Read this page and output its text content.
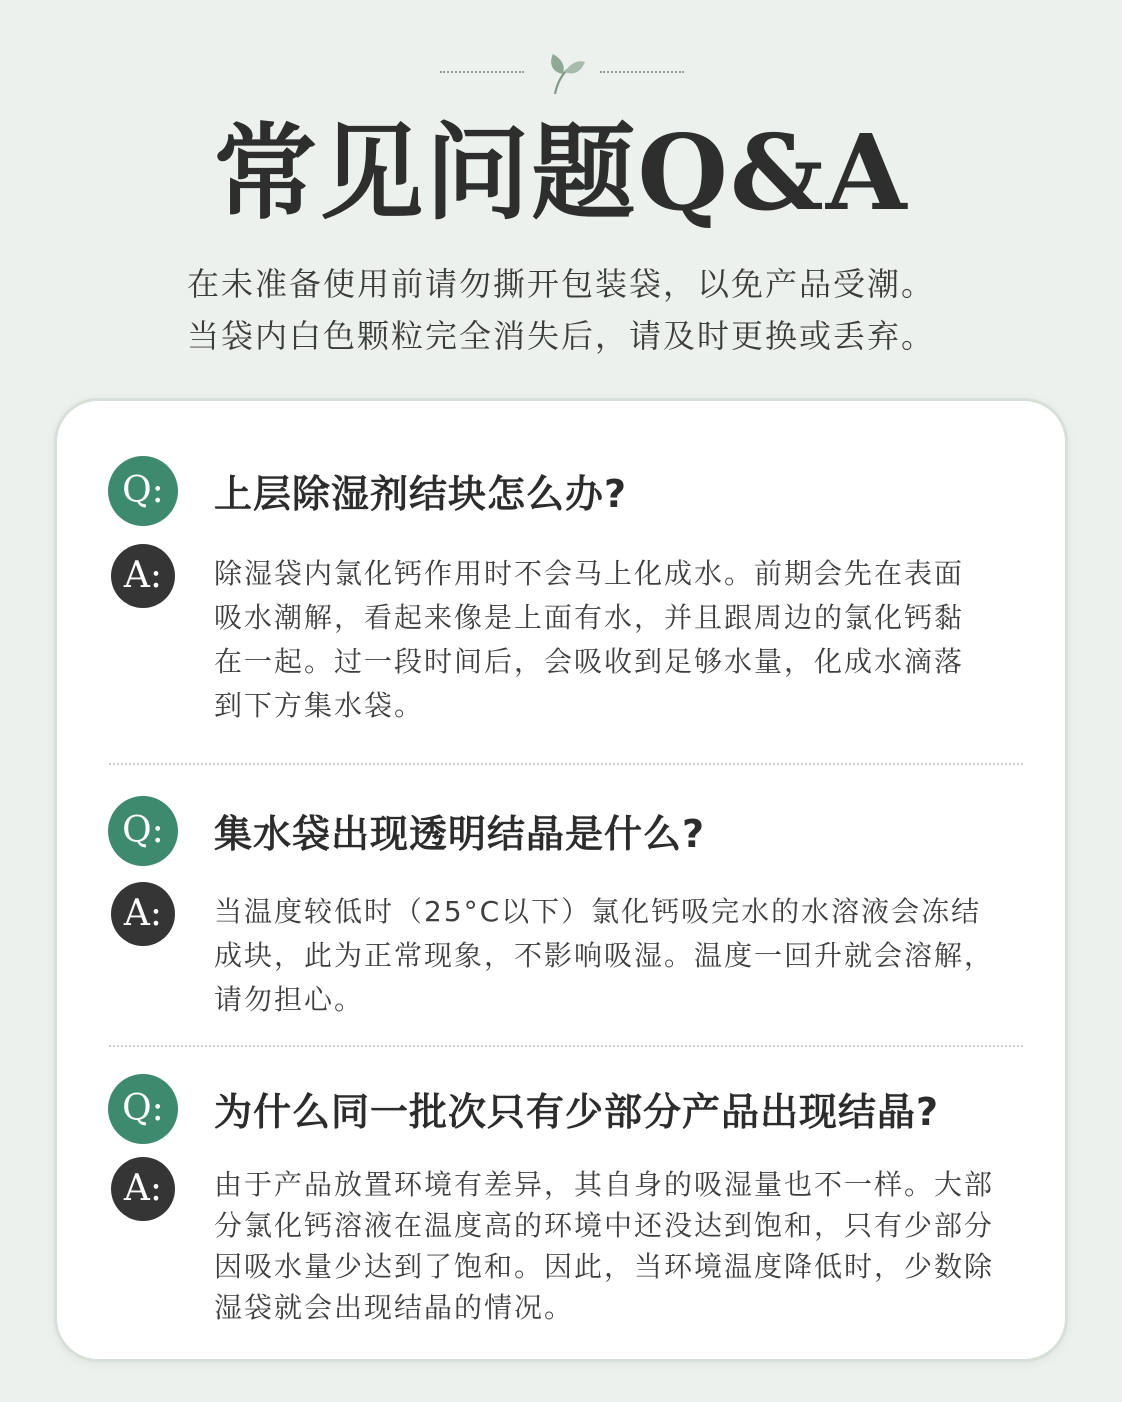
常见问题Q&A
在未准备使用前请勿撕开包装袋，以免产品受潮。
当袋内白色颗粒完全消失后，请及时更换或丢弃。
Q:	上层除湿剂结块怎么办?
A:	除湿袋内氯化钙作用时不会马上化成水。前期会先在表面
吸水潮解，看起来像是上面有水，并且跟周边的氯化钙黏
在一起。过一段时间后，会吸收到足够水量，化成水滴落
到下方集水袋。
Q:	集水袋出现透明结晶是什么?
A:	当温度较低时（25°C以下）氯化钙吸完水的水溶液会冻结
成块，此为正常现象，不影响吸湿。温度一回升就会溶解，
请勿担心。
Q:	为什么同一批次只有少部分产品出现结晶?
A:	由于产品放置环境有差异，其自身的吸湿量也不一样。大部
分氯化钙溶液在温度高的环境中还没达到饱和，只有少部分
因吸水量少达到了饱和。因此，当环境温度降低时，少数除
湿袋就会出现结晶的情况。
